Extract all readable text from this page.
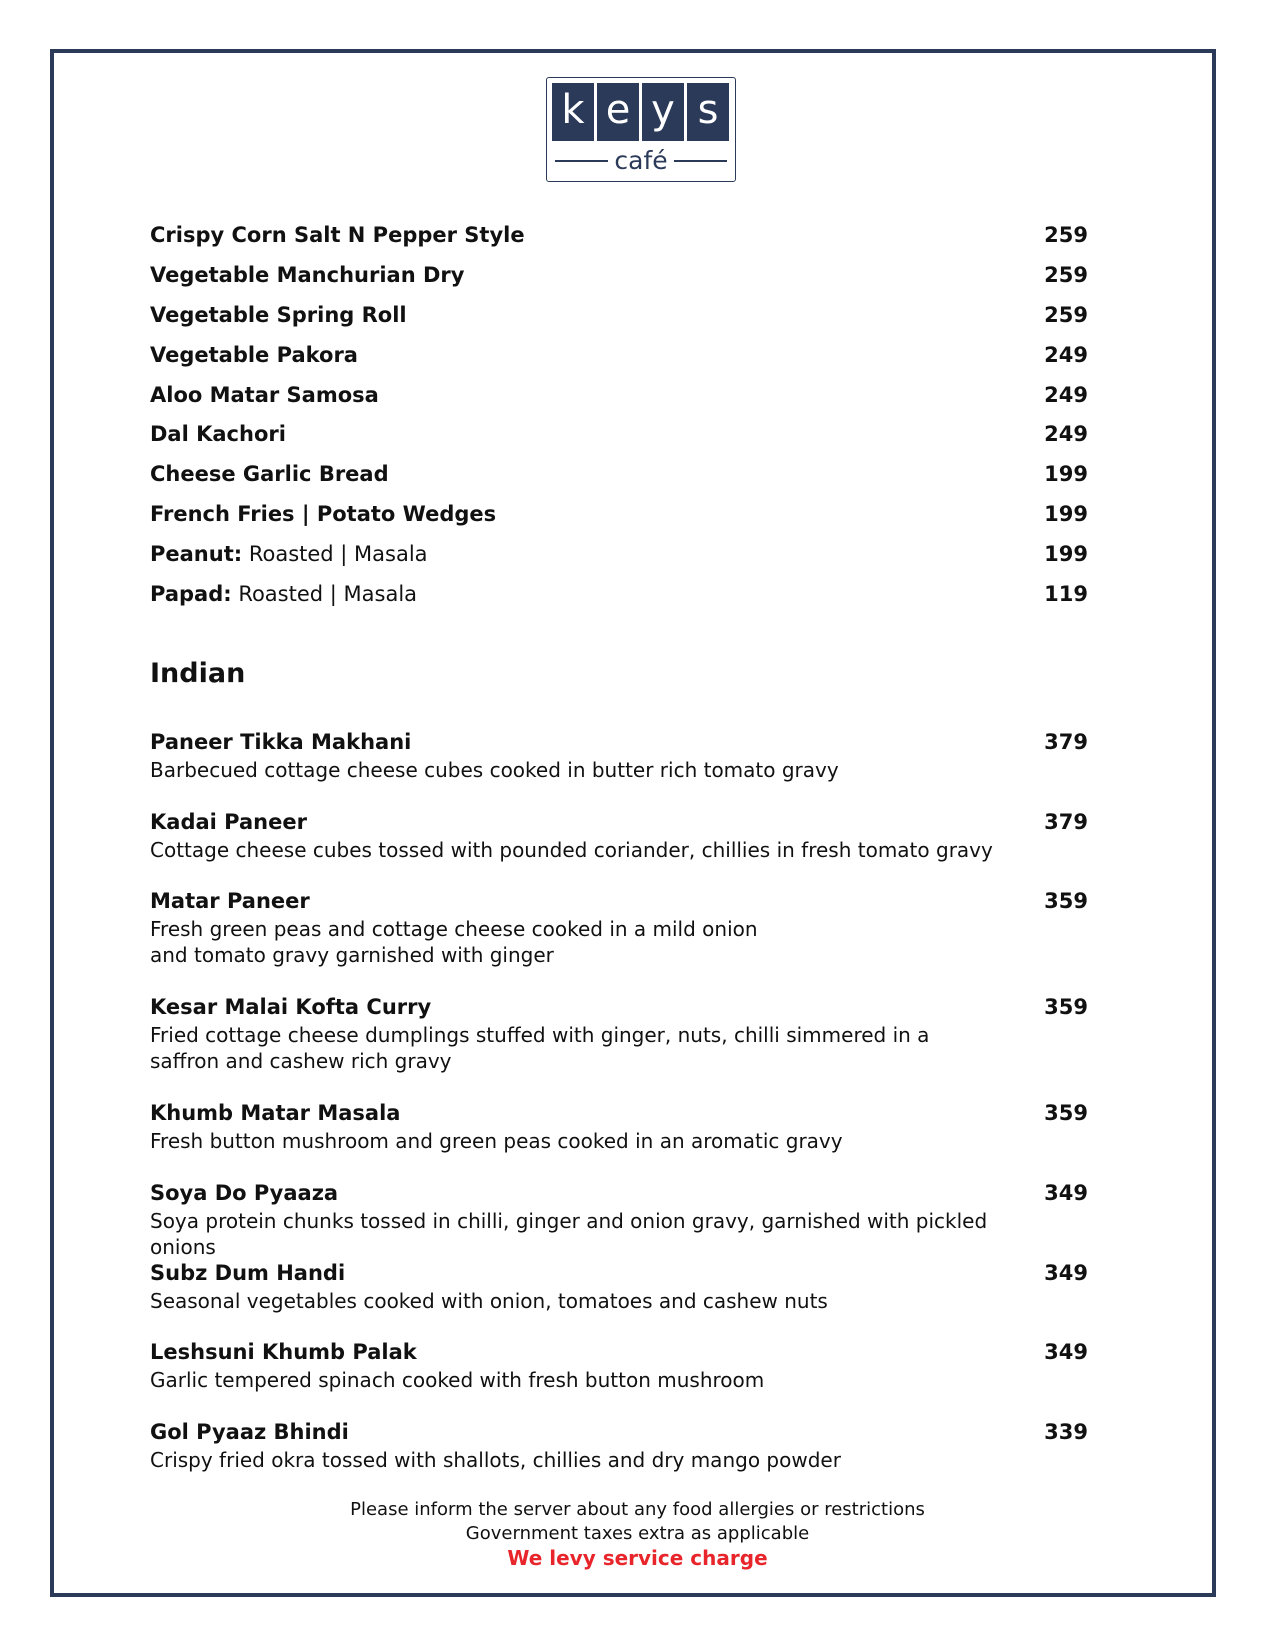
k e y s
café
Crispy Corn Salt N Pepper Style	259
Vegetable Manchurian Dry	259
Vegetable Spring Roll	259
Vegetable Pakora	249
Aloo Matar Samosa	249
Dal Kachori	249
Cheese Garlic Bread	199
French Fries | Potato Wedges	199
Peanut: Roasted | Masala	199
Papad: Roasted | Masala	119
Indian
Paneer Tikka Makhani	379
Barbecued cottage cheese cubes cooked in butter rich tomato gravy
Kadai Paneer	379
Cottage cheese cubes tossed with pounded coriander, chillies in fresh tomato gravy
Matar Paneer	359
Fresh green peas and cottage cheese cooked in a mild onion
and tomato gravy garnished with ginger
Kesar Malai Kofta Curry	359
Fried cottage cheese dumplings stuffed with ginger, nuts, chilli simmered in a
saffron and cashew rich gravy
Khumb Matar Masala	359
Fresh button mushroom and green peas cooked in an aromatic gravy
Soya Do Pyaaza	349
Soya protein chunks tossed in chilli, ginger and onion gravy, garnished with pickled onions
Subz Dum Handi	349
Seasonal vegetables cooked with onion, tomatoes and cashew nuts
Leshsuni Khumb Palak	349
Garlic tempered spinach cooked with fresh button mushroom
Gol Pyaaz Bhindi	339
Crispy fried okra tossed with shallots, chillies and dry mango powder
Please inform the server about any food allergies or restrictions
Government taxes extra as applicable
We levy service charge
